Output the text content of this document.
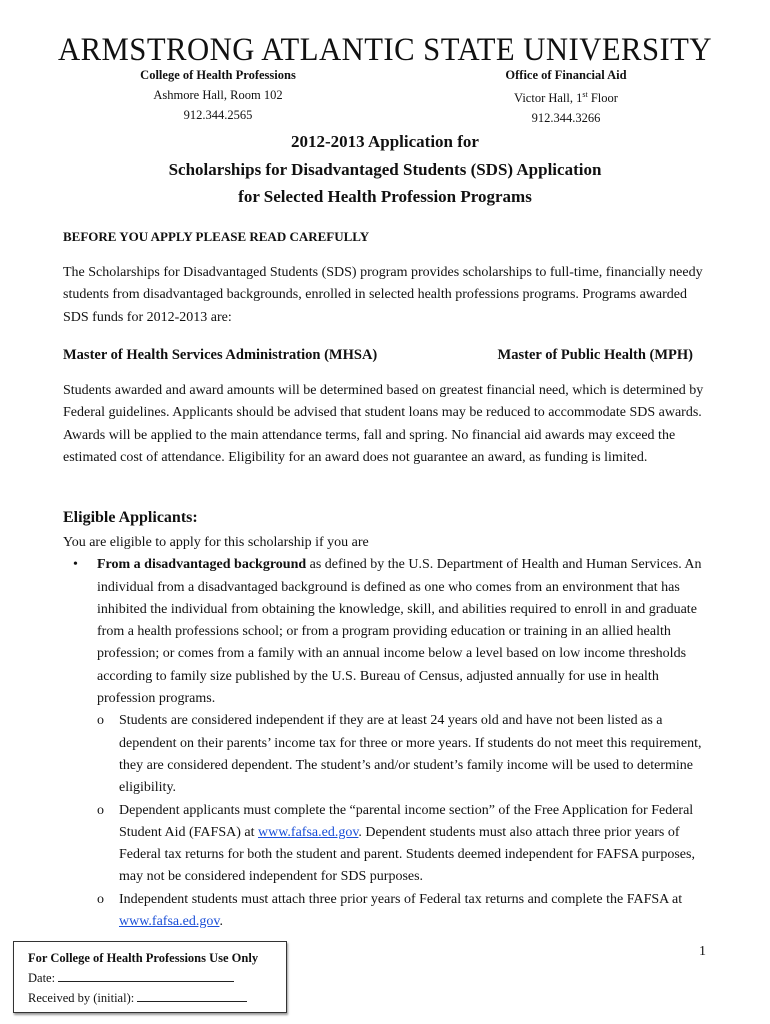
ARMSTRONG ATLANTIC STATE UNIVERSITY
College of Health Professions
Ashmore Hall, Room 102
912.344.2565
Office of Financial Aid
Victor Hall, 1st Floor
912.344.3266
2012-2013 Application for
Scholarships for Disadvantaged Students (SDS) Application
for Selected Health Profession Programs
BEFORE YOU APPLY PLEASE READ CAREFULLY
The Scholarships for Disadvantaged Students (SDS) program provides scholarships to full-time, financially needy students from disadvantaged backgrounds, enrolled in selected health professions programs. Programs awarded SDS funds for 2012-2013 are:
Master of Health Services Administration (MHSA)	Master of Public Health (MPH)
Students awarded and award amounts will be determined based on greatest financial need, which is determined by Federal guidelines. Applicants should be advised that student loans may be reduced to accommodate SDS awards. Awards will be applied to the main attendance terms, fall and spring. No financial aid awards may exceed the estimated cost of attendance. Eligibility for an award does not guarantee an award, as funding is limited.
Eligible Applicants:
You are eligible to apply for this scholarship if you are
• From a disadvantaged background as defined by the U.S. Department of Health and Human Services. An individual from a disadvantaged background is defined as one who comes from an environment that has inhibited the individual from obtaining the knowledge, skill, and abilities required to enroll in and graduate from a health professions school; or from a program providing education or training in an allied health profession; or comes from a family with an annual income below a level based on low income thresholds according to family size published by the U.S. Bureau of Census, adjusted annually for use in health profession programs.
o Students are considered independent if they are at least 24 years old and have not been listed as a dependent on their parents’ income tax for three or more years. If students do not meet this requirement, they are considered dependent. The student’s and/or student’s family income will be used to determine eligibility.
o Dependent applicants must complete the “parental income section” of the Free Application for Federal Student Aid (FAFSA) at www.fafsa.ed.gov. Dependent students must also attach three prior years of Federal tax returns for both the student and parent. Students deemed independent for FAFSA purposes, may not be considered independent for SDS purposes.
o Independent students must attach three prior years of Federal tax returns and complete the FAFSA at www.fafsa.ed.gov.
For College of Health Professions Use Only
Date:
Received by (initial):
1
